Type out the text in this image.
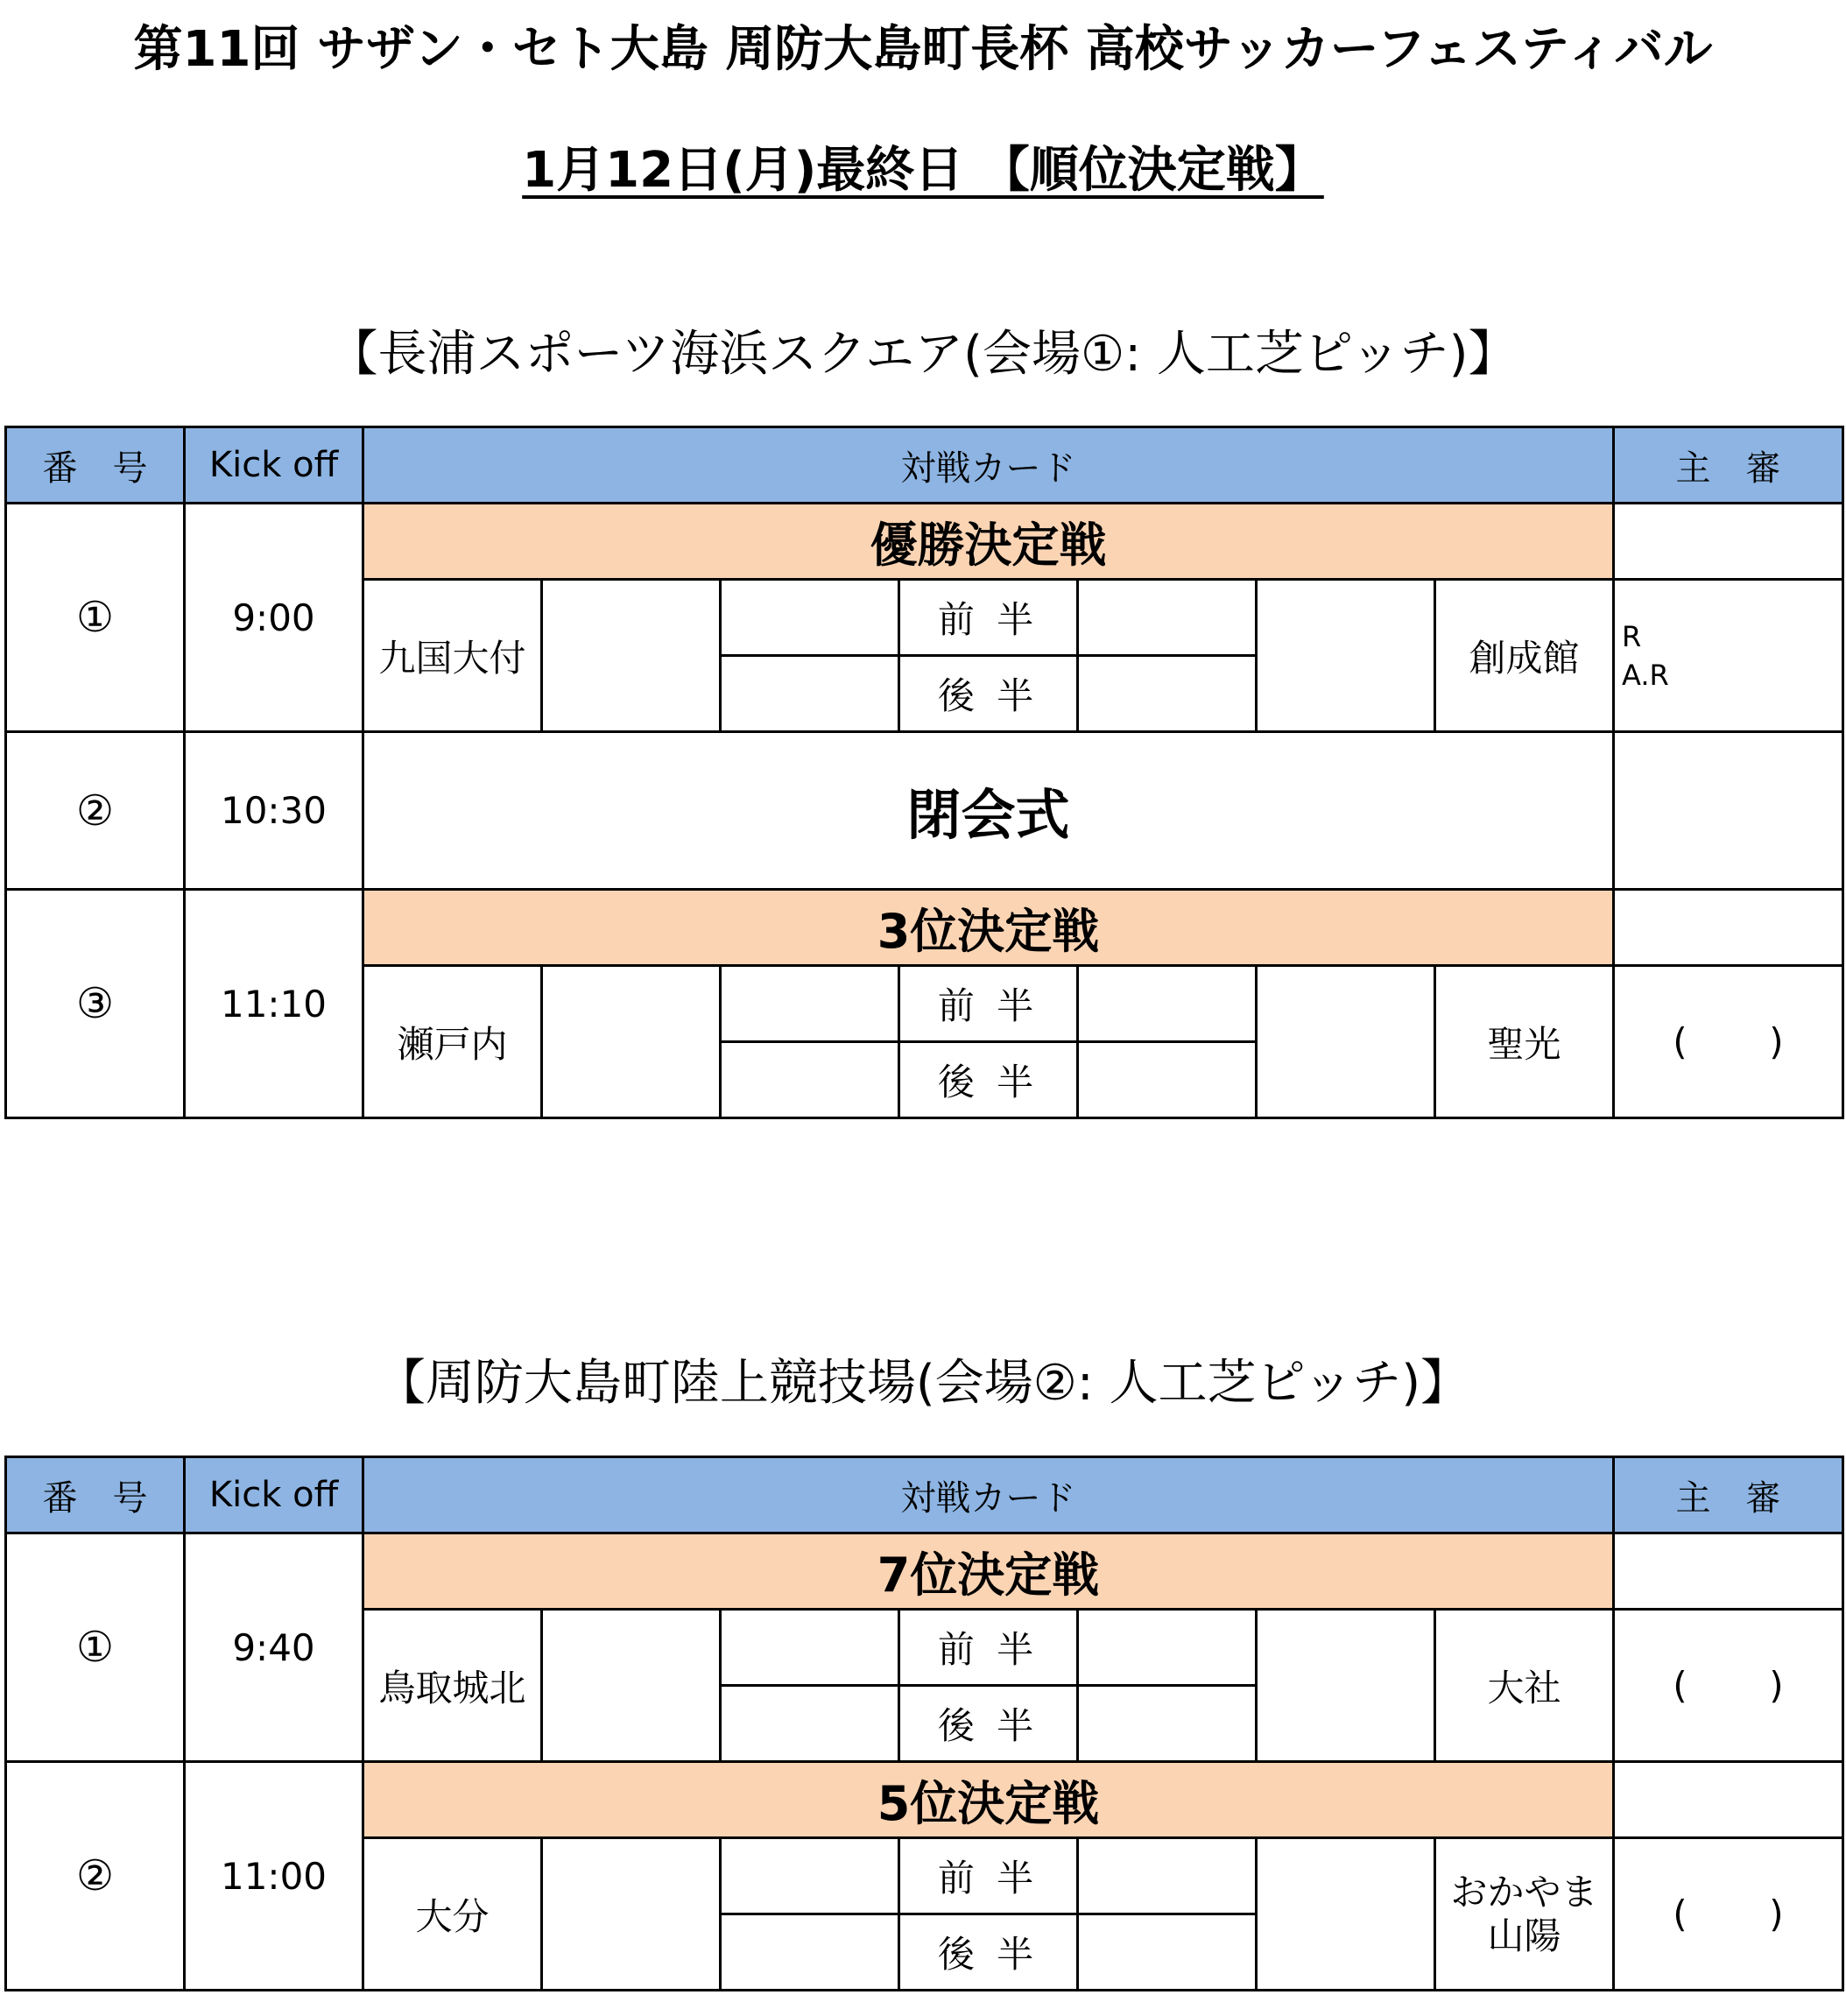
第11回 サザン・セト大島 周防大島町長杯 高校サッカーフェスティバル
1月12日(月)最終日 【順位決定戦】
【長浦スポーツ海浜スクエア(会場①: 人工芝ピッチ)】
番　号	Kick off	対戦カード							主　審
①	9:00	優勝決定戦							
		九国大付			前 半			創成館	R
A.R

					後 半				
②	10:30	閉会式							
③	11:10	3位決定戦							
		瀬戸内			前 半			聖光	( )
					後 半				
【周防大島町陸上競技場(会場②: 人工芝ピッチ)】
番　号	Kick off	対戦カード							主　審
①	9:40	7位決定戦							
		鳥取城北			前 半			大社	( )
					後 半				
②	11:00	5位決定戦							
		大分			前 半			おかやま
山陽	( )
					後 半				
